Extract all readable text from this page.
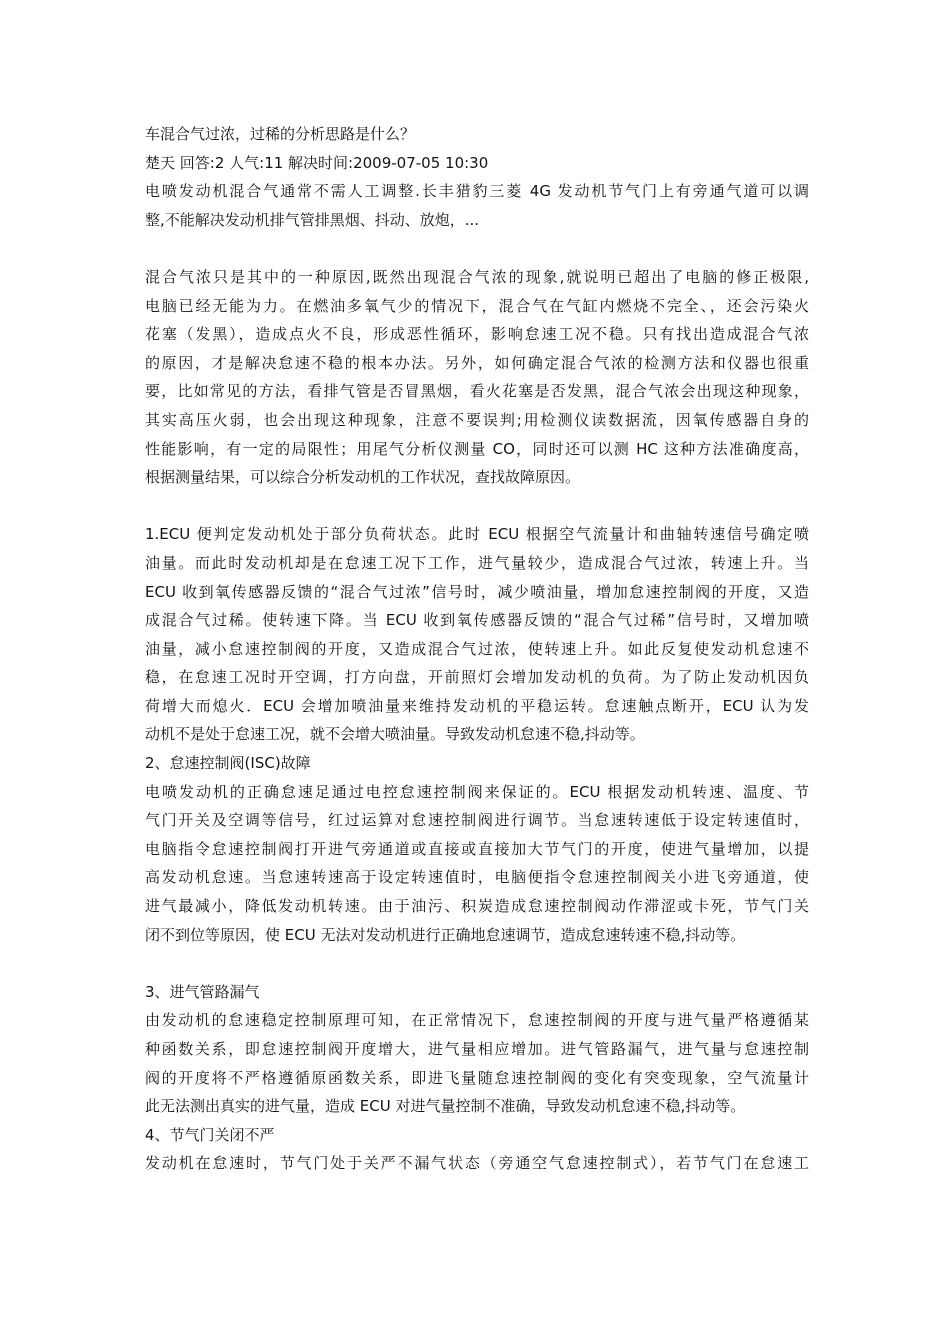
车混合气过浓，过稀的分析思路是什么？
楚天 回答:2 人气:11 解决时间:2009-07-05 10:30
电喷发动机混合气通常不需人工调整.长丰猎豹三菱 4G 发动机节气门上有旁通气道可以调
整,不能解决发动机排气管排黑烟、抖动、放炮，...
混合气浓只是其中的一种原因,既然出现混合气浓的现象,就说明已超出了电脑的修正极限,
电脑已经无能为力。在燃油多氧气少的情况下，混合气在气缸内燃烧不完全、，还会污染火
花塞（发黑），造成点火不良，形成恶性循环，影响怠速工况不稳。只有找出造成混合气浓
的原因，才是解决怠速不稳的根本办法。另外，如何确定混合气浓的检测方法和仪器也很重
要，比如常见的方法，看排气管是否冒黑烟，看火花塞是否发黑，混合气浓会出现这种现象，
其实高压火弱，也会出现这种现象，注意不要误判;用检测仪读数据流，因氧传感器自身的
性能影响，有一定的局限性；用尾气分析仪测量 CO，同时还可以测 HC 这种方法准确度高，
根据测量结果，可以综合分析发动机的工作状况，查找故障原因。
1.ECU 便判定发动机处于部分负荷状态。此时 ECU 根据空气流量计和曲轴转速信号确定喷
油量。而此时发动机却是在怠速工况下工作，进气量较少，造成混合气过浓，转速上升。当
ECU 收到氧传感器反馈的“混合气过浓”信号时，减少喷油量，增加怠速控制阀的开度，又造
成混合气过稀。使转速下降。当 ECU 收到氧传感器反馈的“混合气过稀”信号时，又增加喷
油量，减小怠速控制阀的开度，又造成混合气过浓，使转速上升。如此反复使发动机怠速不
稳，在怠速工况时开空调，打方向盘，开前照灯会增加发动机的负荷。为了防止发动机因负
荷增大而熄火．ECU 会增加喷油量来维持发动机的平稳运转。怠速触点断开，ECU 认为发
动机不是处于怠速工况，就不会增大喷油量。导致发动机怠速不稳,抖动等。
2、怠速控制阀(ISC)故障
电喷发动机的正确怠速足通过电控怠速控制阀来保证的。ECU 根据发动机转速、温度、节
气门开关及空调等信号，红过运算对怠速控制阀进行调节。当怠速转速低于设定转速值时，
电脑指令怠速控制阀打开进气旁通道或直接或直接加大节气门的开度，使进气量增加，以提
高发动机怠速。当怠速转速高于设定转速值时，电脑便指令怠速控制阀关小进飞旁通道，使
进气最减小，降低发动机转速。由于油污、积炭造成怠速控制阀动作滞涩或卡死，节气门关
闭不到位等原因，使 ECU 无法对发动机进行正确地怠速调节，造成怠速转速不稳,抖动等。
3、进气管路漏气
由发动机的怠速稳定控制原理可知，在正常情况下，怠速控制阀的开度与进气量严格遵循某
种函数关系，即怠速控制阀开度增大，进气量相应增加。进气管路漏气，进气量与怠速控制
阀的开度将不严格遵循原函数关系，即进飞量随怠速控制阀的变化有突变现象，空气流量计
此无法测出真实的进气量，造成 ECU 对进气量控制不准确，导致发动机怠速不稳,抖动等。
4、节气门关闭不严
发动机在怠速时，节气门处于关严不漏气状态（旁通空气怠速控制式），若节气门在怠速工
